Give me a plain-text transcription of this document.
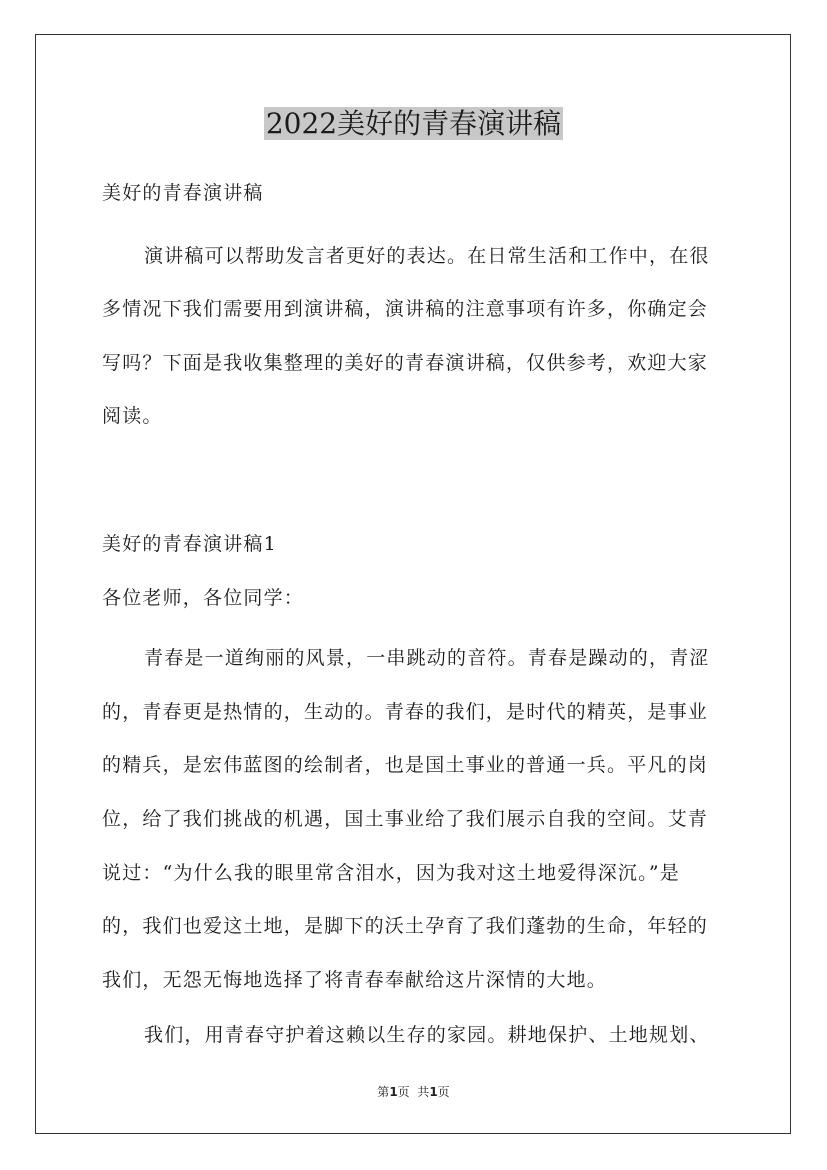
2022美好的青春演讲稿
美好的青春演讲稿
演讲稿可以帮助发言者更好的表达。在日常生活和工作中，在很
多情况下我们需要用到演讲稿，演讲稿的注意事项有许多，你确定会
写吗？下面是我收集整理的美好的青春演讲稿，仅供参考，欢迎大家
阅读。
美好的青春演讲稿1
各位老师，各位同学：
青春是一道绚丽的风景，一串跳动的音符。青春是躁动的，青涩
的，青春更是热情的，生动的。青春的我们，是时代的精英，是事业
的精兵，是宏伟蓝图的绘制者，也是国土事业的普通一兵。平凡的岗
位，给了我们挑战的机遇，国土事业给了我们展示自我的空间。艾青
说过：“为什么我的眼里常含泪水，因为我对这土地爱得深沉。”是
的，我们也爱这土地，是脚下的沃土孕育了我们蓬勃的生命，年轻的
我们，无怨无悔地选择了将青春奉献给这片深情的大地。
我们，用青春守护着这赖以生存的家园。耕地保护、土地规划、
第1页  共1页
